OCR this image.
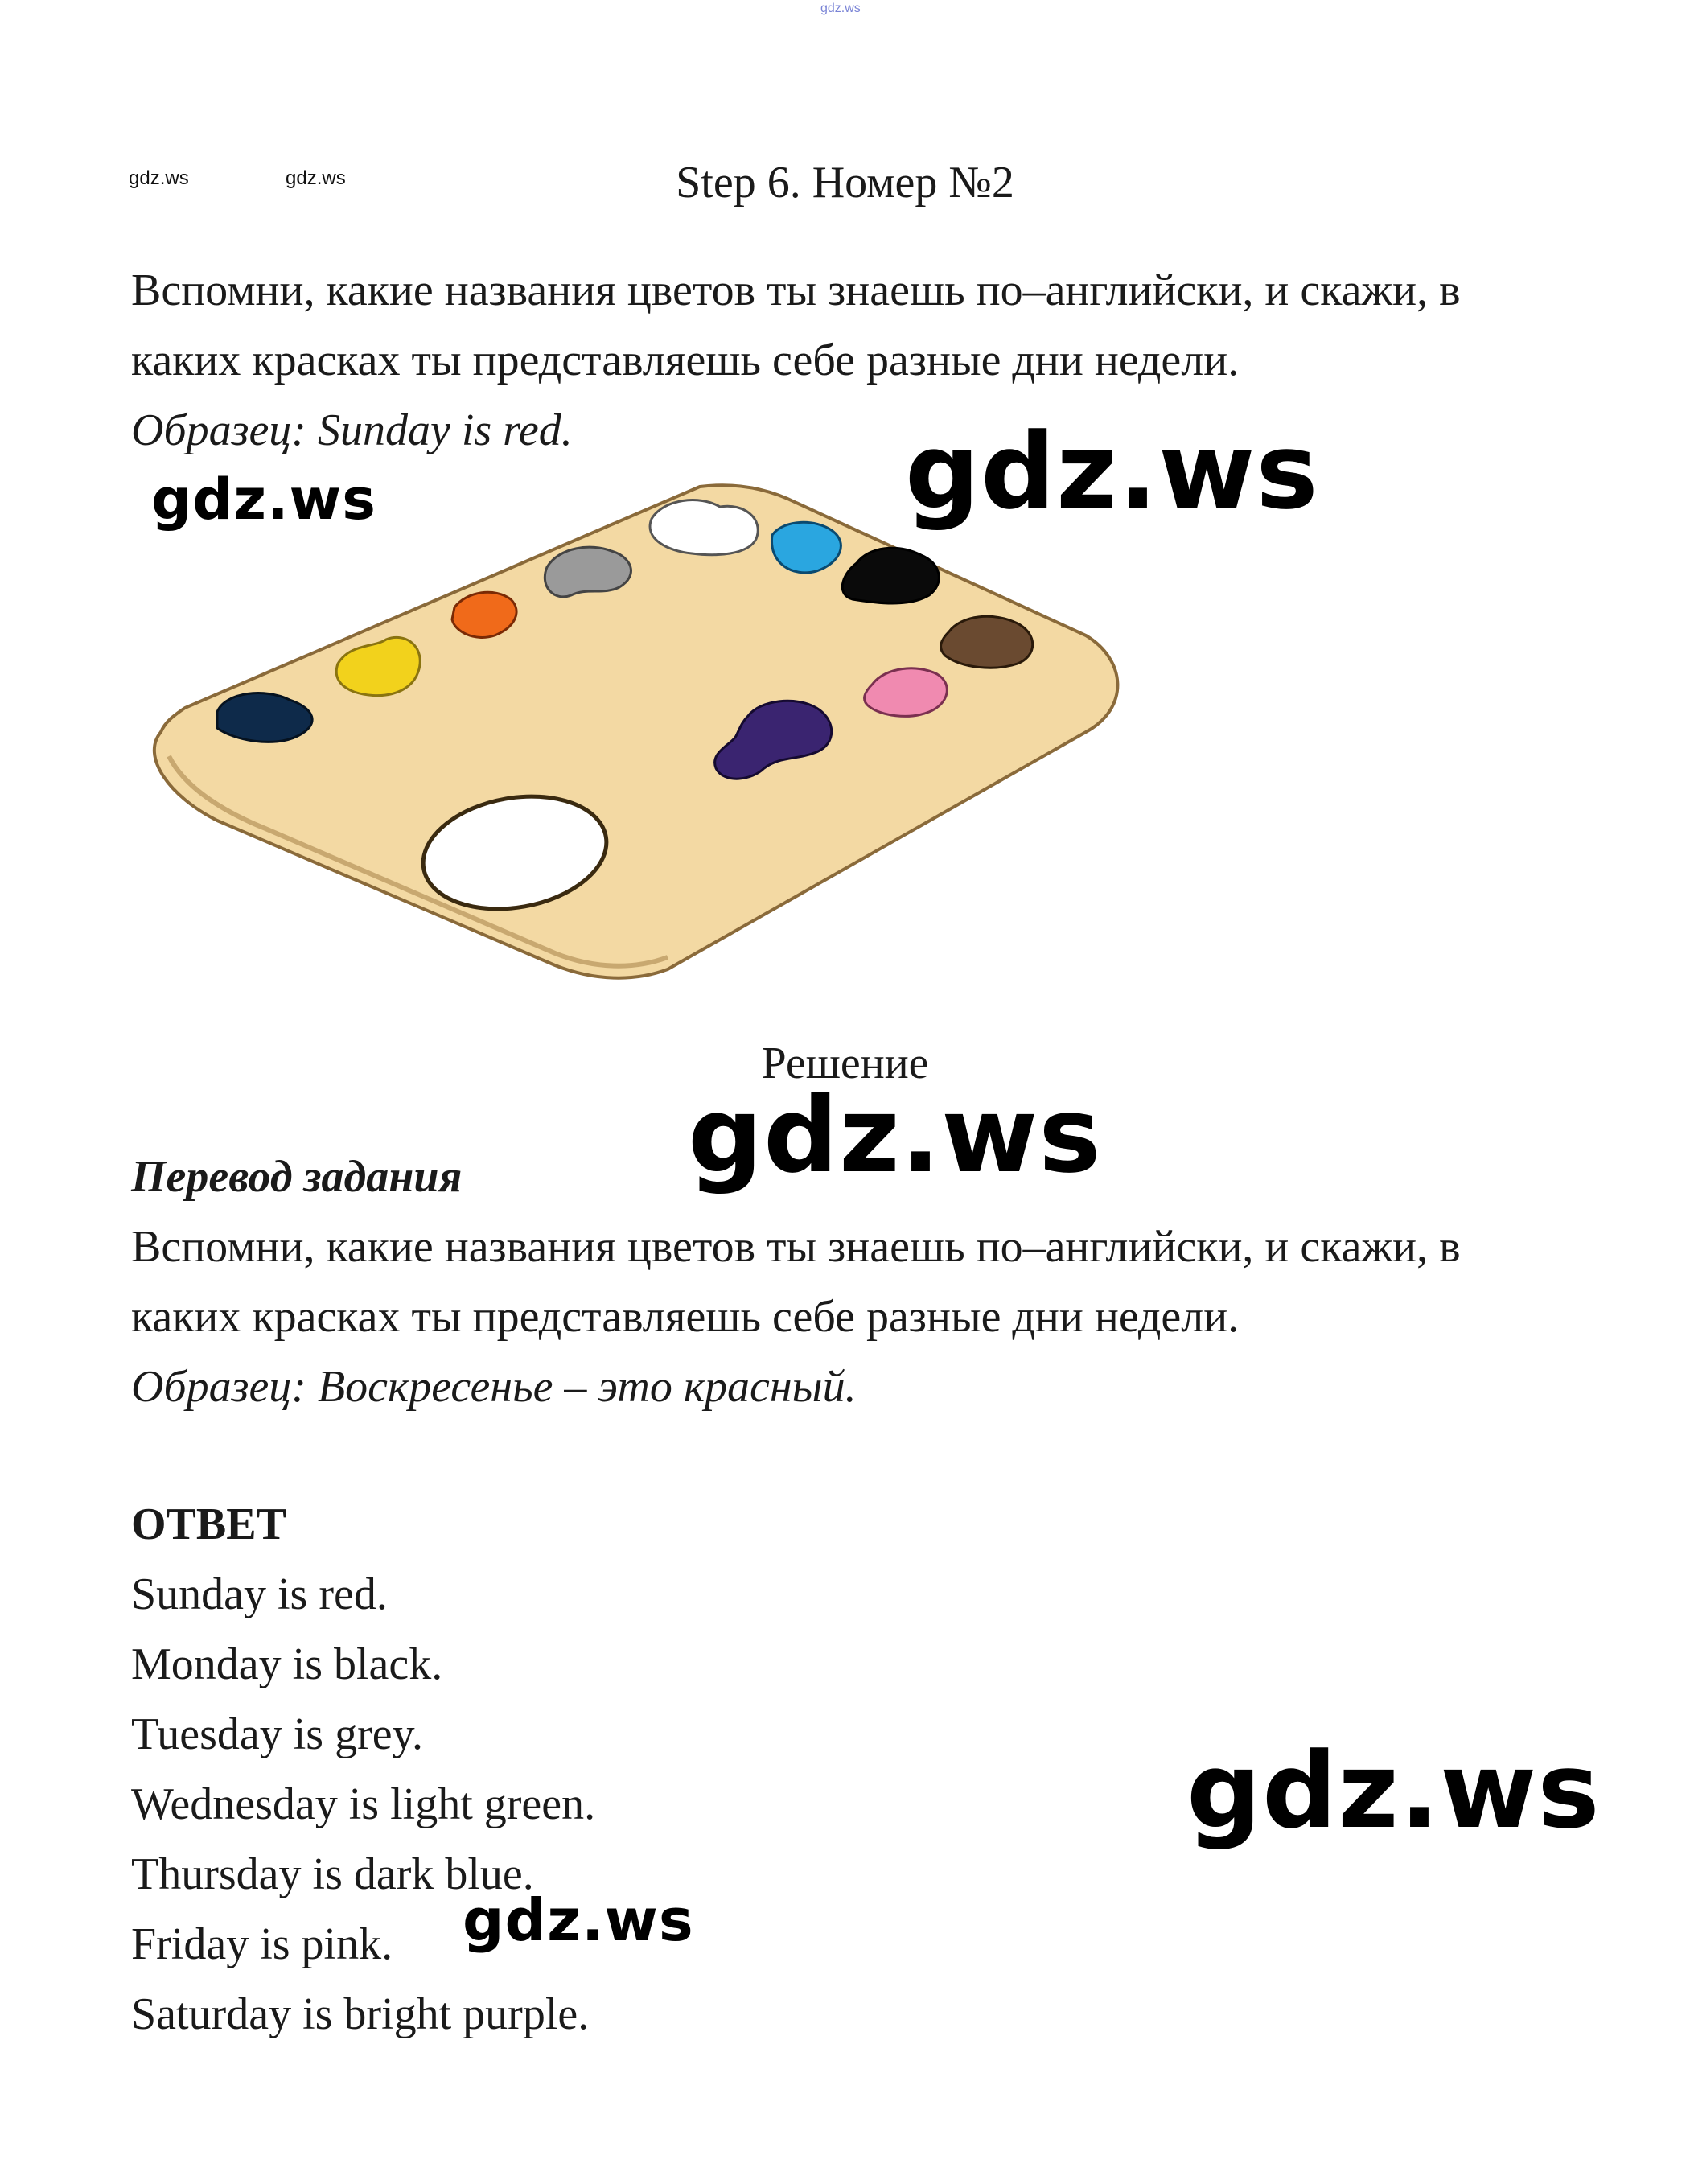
gdz.ws
gdz.ws	gdz.ws	Step 6. Номер №2
Вспомни, какие названия цветов ты знаешь по–английски, и скажи, в
каких красках ты представляешь себе разные дни недели.
Образец: Sunday is red.
gdz.ws	gdz.ws
Решение
gdz.ws
Перевод задания
Вспомни, какие названия цветов ты знаешь по–английски, и скажи, в
каких красках ты представляешь себе разные дни недели.
Образец: Воскресенье – это красный.
ОТВЕТ
Sunday is red.
Monday is black.
Tuesday is grey.
Wednesday is light green.
Thursday is dark blue.
Friday is pink.
Saturday is bright purple.
gdz.ws
gdz.ws
